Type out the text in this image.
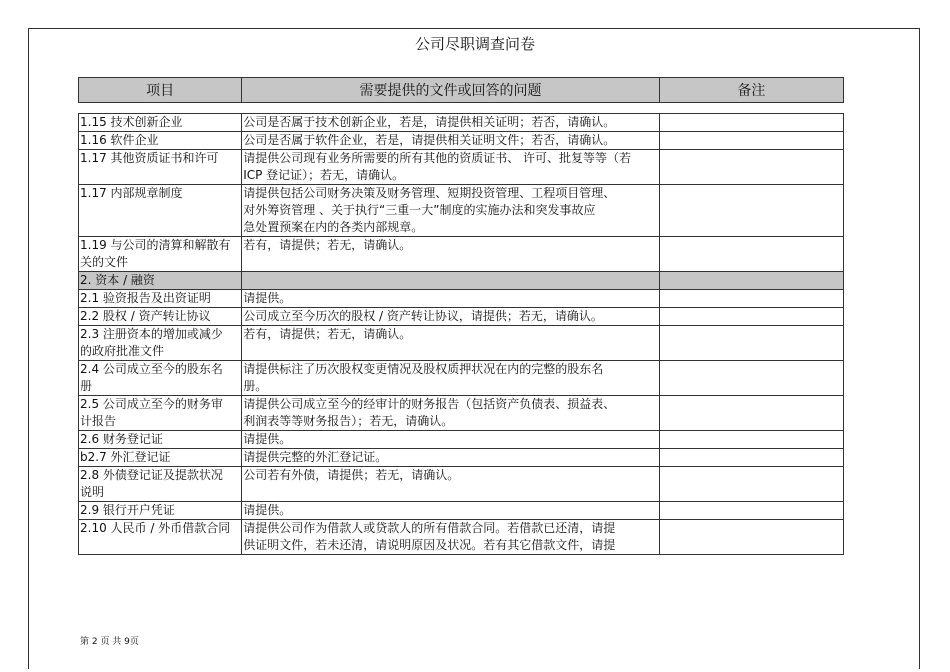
公司尽职调查问卷
项目	需要提供的文件或回答的问题	备注
1.15 技术创新企业	公司是否属于技术创新企业，若是，请提供相关证明；若否，请确认。	
1.16 软件企业	公司是否属于软件企业，若是，请提供相关证明文件；若否，请确认。	
1.17 其他资质证书和许可	请提供公司现有业务所需要的所有其他的资质证书、 许可、批复等等（若
ICP 登记证）；若无，请确认。	
1.17 内部规章制度	请提供包括公司财务决策及财务管理、短期投资管理、工程项目管理、
对外筹资管理 、关于执行“三重一大”制度的实施办法和突发事故应
急处置预案在内的各类内部规章。	
1.19 与公司的清算和解散有
关的文件	若有，请提供；若无，请确认。	
2. 资本 / 融资		
2.1 验资报告及出资证明	请提供。	
2.2 股权 / 资产转让协议	公司成立至今历次的股权 / 资产转让协议，请提供；若无，请确认。	
2.3 注册资本的增加或减少
的政府批准文件	若有，请提供；若无，请确认。	
2.4 公司成立至今的股东名
册	请提供标注了历次股权变更情况及股权质押状况在内的完整的股东名
册。	
2.5 公司成立至今的财务审
计报告	请提供公司成立至今的经审计的财务报告（包括资产负债表、损益表、
利润表等等财务报告）；若无，请确认。	
2.6 财务登记证	请提供。	
b2.7 外汇登记证	请提供完整的外汇登记证。	
2.8 外债登记证及提款状况
说明	公司若有外债，请提供；若无，请确认。	
2.9 银行开户凭证	请提供。	
2.10 人民币 / 外币借款合同	请提供公司作为借款人或贷款人的所有借款合同。若借款已还清，请提
供证明文件，若未还清，请说明原因及状况。若有其它借款文件，请提	
第 2 页 共 9页
